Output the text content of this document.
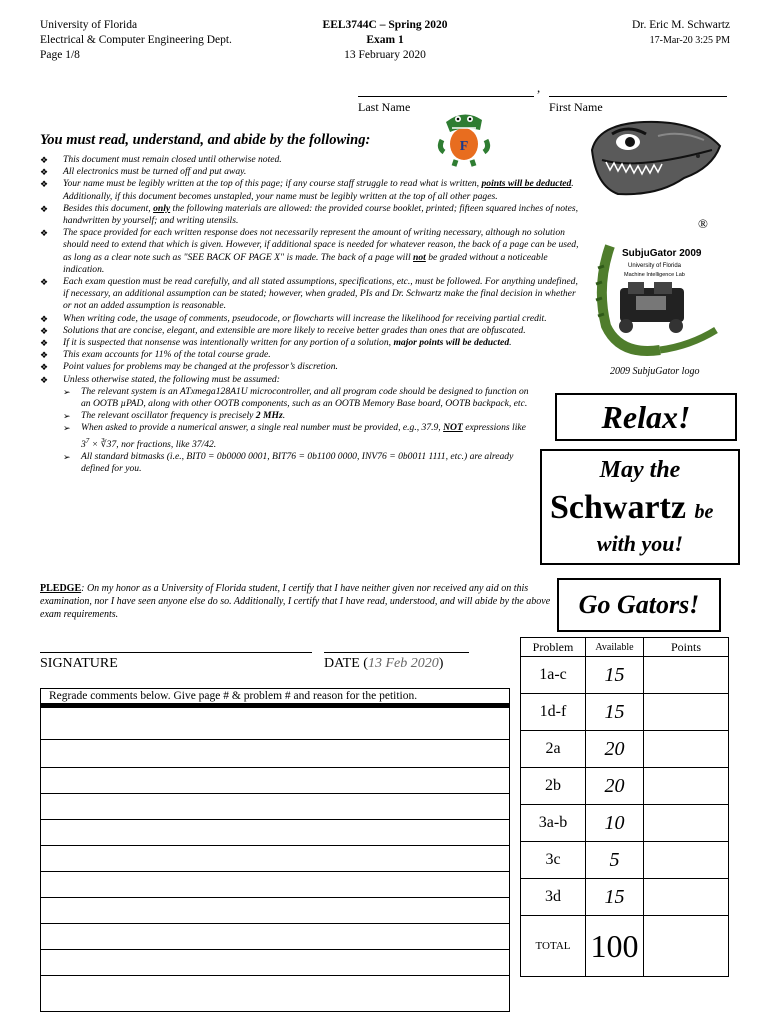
University of Florida
Electrical & Computer Engineering Dept.
Page 1/8
EEL3744C – Spring 2020
Exam 1
13 February 2020
Dr. Eric M. Schwartz
17-Mar-20 3:25 PM
,
Last Name	First Name
You must read, understand, and abide by the following:
❖ This document must remain closed until otherwise noted.
❖ All electronics must be turned off and put away.
❖ Your name must be legibly written at the top of this page; if any course staff struggle to read what is written, points will be deducted. Additionally, if this document becomes unstapled, your name must be legibly written at the top of all other pages.
❖ Besides this document, only the following materials are allowed: the provided course booklet, printed; fifteen squared inches of notes, handwritten by yourself; and writing utensils.
❖ The space provided for each written response does not necessarily represent the amount of writing necessary, although no solution should need to extend that which is given. However, if additional space is needed for whatever reason, the back of a page can be used, as long as a clear note such as "SEE BACK OF PAGE X" is made. The back of a page will not be graded without a noticeable indication.
❖ Each exam question must be read carefully, and all stated assumptions, specifications, etc., must be followed. For anything undefined, if necessary, an additional assumption can be stated; however, when graded, PIs and Dr. Schwartz make the final decision in whether or not an added assumption is reasonable.
❖ When writing code, the usage of comments, pseudocode, or flowcharts will increase the likelihood for receiving partial credit.
❖ Solutions that are concise, elegant, and extensible are more likely to receive better grades than ones that are obfuscated.
❖ If it is suspected that nonsense was intentionally written for any portion of a solution, major points will be deducted.
❖ This exam accounts for 11% of the total course grade.
❖ Point values for problems may be changed at the professor’s discretion.
❖ Unless otherwise stated, the following must be assumed:
➢ The relevant system is an ATxmega128A1U microcontroller, and all program code should be designed to function on an OOTB µPAD, along with other OOTB components, such as an OOTB Memory Base board, OOTB backpack, etc.
➢ The relevant oscillator frequency is precisely 2 MHz.
➢ When asked to provide a numerical answer, a single real number must be provided, e.g., 37.9, NOT expressions like $3^7$ × ∛37, nor fractions, like 37/42.
➢ All standard bitmasks (i.e., BIT0 = 0b0000 0001, BIT76 = 0b1100 0000, INV76 = 0b0011 1111, etc.) are already defined for you.
PLEDGE: On my honor as a University of Florida student, I certify that I have neither given nor received any aid on this examination, nor I have seen anyone else do so. Additionally, I certify that I have read, understood, and will abide by the above exam requirements.
SIGNATURE	DATE (13 Feb 2020)
Regrade comments below. Give page # & problem # and reason for the petition.
Problem	Available	Points
1a-c	15	
1d-f	15	
2a	20	
2b	20	
3a-b	10	
3c	5	
3d	15	
TOTAL	100	
F
®
SubjuGator 2009
University of Florida
Machine Intelligence Lab
2009 SubjuGator logo
Relax!
May the
Schwartz be
with you!
Go Gators!
